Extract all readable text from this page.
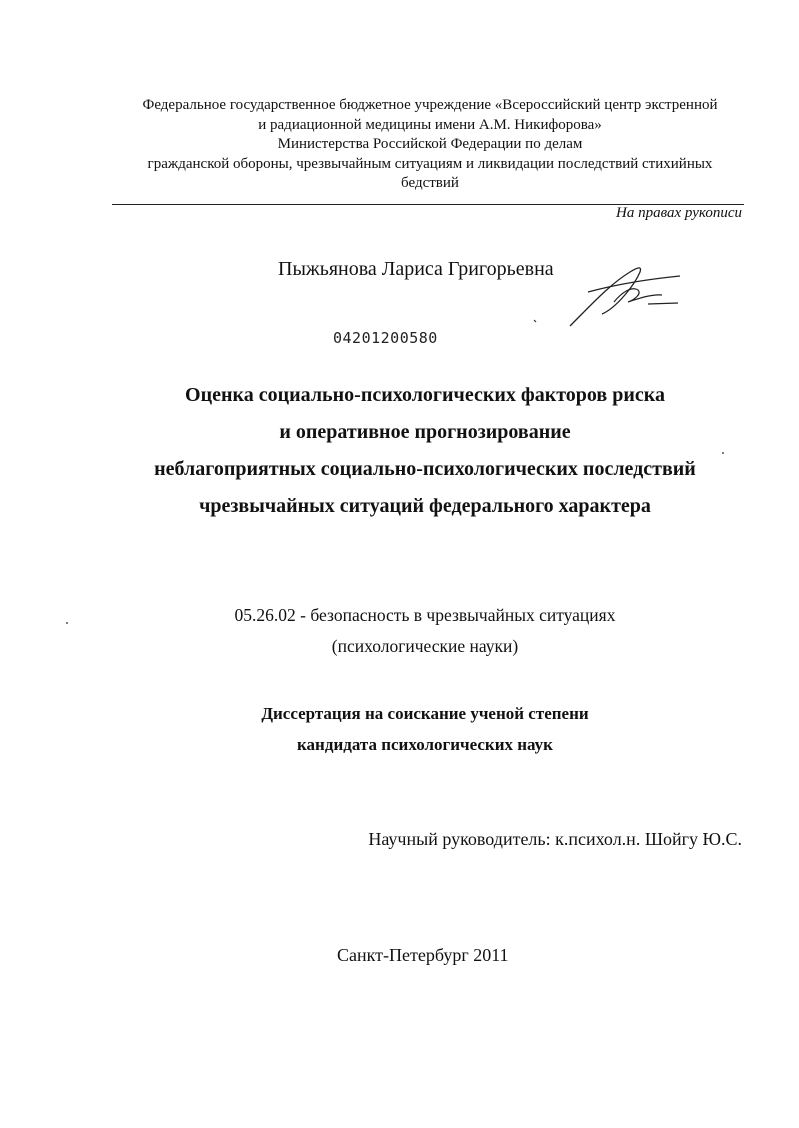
Федеральное государственное бюджетное учреждение «Всероссийский центр экстренной
и радиационной медицины имени А.М. Никифорова»
Министерства Российской Федерации по делам
гражданской обороны, чрезвычайным ситуациям и ликвидации последствий стихийных
бедствий
На правах рукописи
Пыжьянова Лариса Григорьевна
04201200580
Оценка социально-психологических факторов риска
и оперативное прогнозирование
неблагоприятных социально-психологических последствий
чрезвычайных ситуаций федерального характера
05.26.02 - безопасность в чрезвычайных ситуациях
(психологические науки)
Диссертация на соискание ученой степени
кандидата психологических наук
Научный руководитель: к.психол.н. Шойгу Ю.С.
Санкт-Петербург 2011
